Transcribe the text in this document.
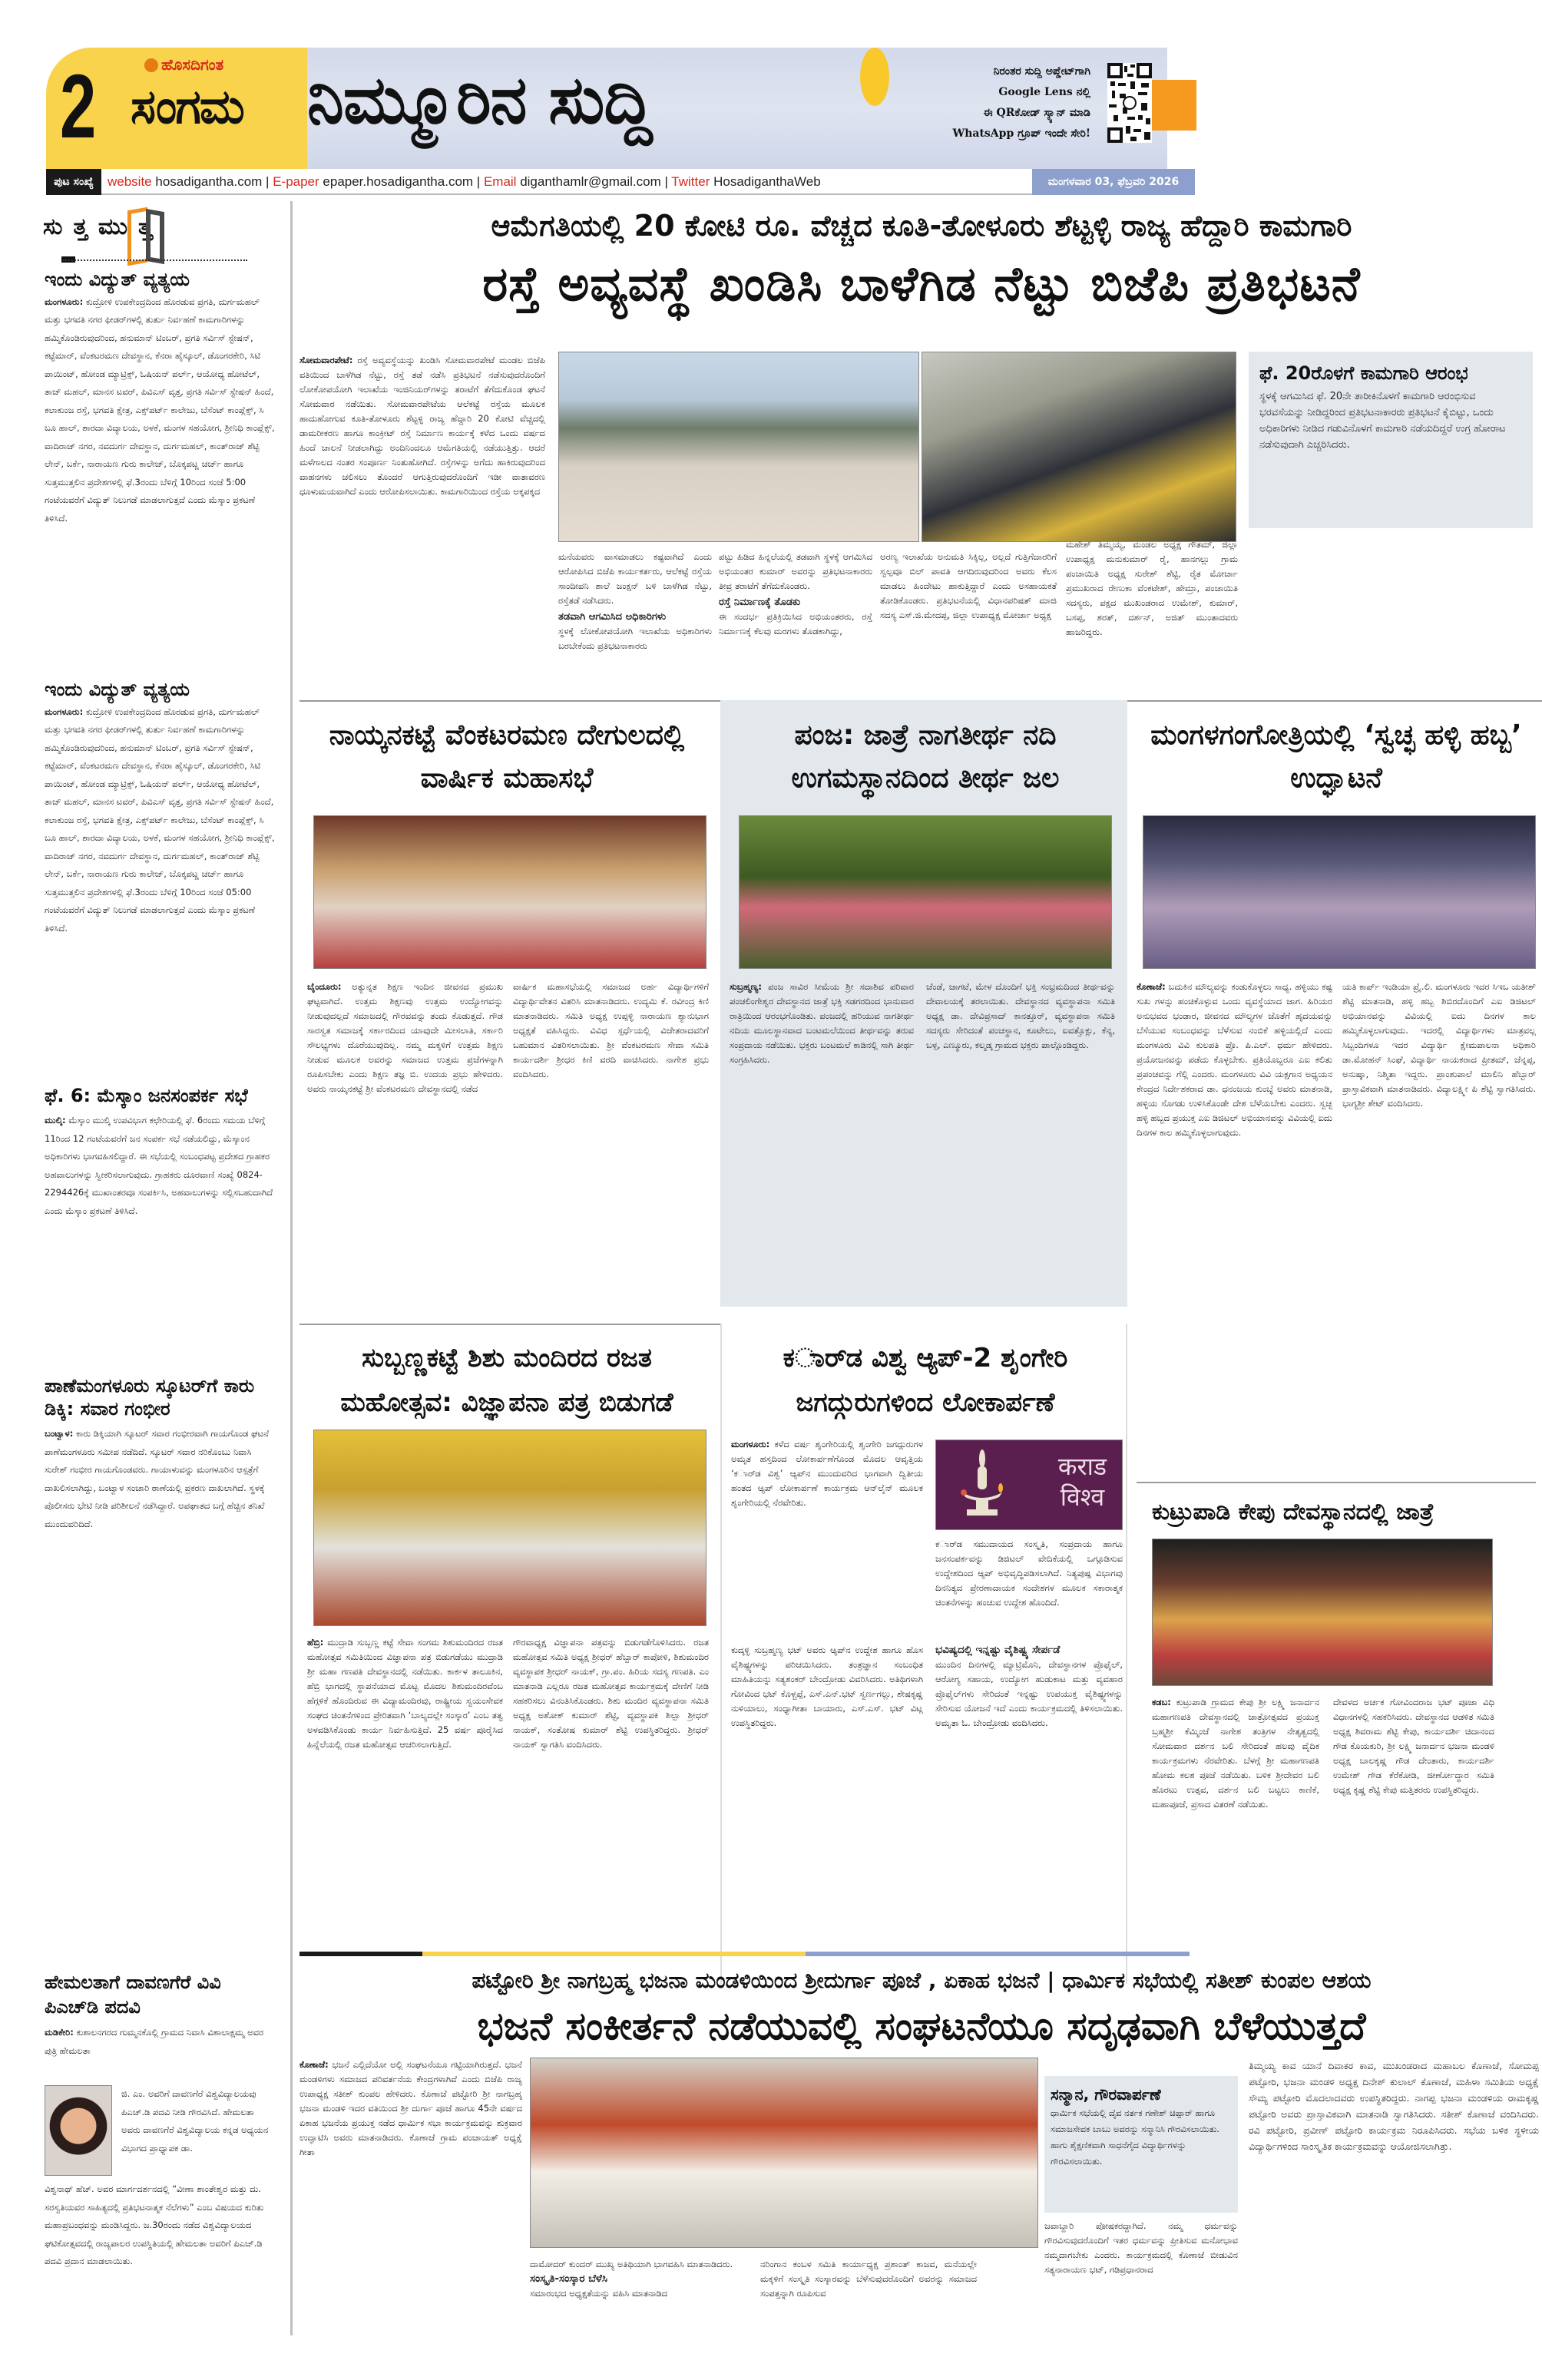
2	ಹೊಸದಿಗಂತ
ಸಂಗಮ ನಿಮ್ಮೂರಿನ ಸುದ್ದಿ	ನಿರಂತರ ಸುದ್ದಿ ಅಪ್ಡೇಟ್‌ಗಾಗಿ
Google Lens ನಲ್ಲಿ
ಈ QRಕೋಡ್ ಸ್ಕ್ಯಾನ್ ಮಾಡಿ
WhatsApp ಗ್ರೂಪ್ ಇಂದೇ ಸೇರಿ!
ಪುಟ ಸಂಖ್ಯೆ	website hosadigantha.com | E-paper epaper.hosadigantha.com | Email diganthamlr@gmail.com | Twitter HosadiganthaWeb	ಮಂಗಳವಾರ 03, ಫೆಬ್ರವರಿ 2026
ಸುತ್ತಮುತ್ತ
ಇಂದು ವಿದ್ಯುತ್ ವ್ಯತ್ಯಯ
ಮಂಗಳೂರು: ಕುದ್ರೋಳಿ ಉಪಕೇಂದ್ರದಿಂದ ಹೊರಡುವ ಪ್ರಗತಿ, ದುರ್ಗಮಹಲ್ ಮತ್ತು ಭಗವತಿ ನಗರ ಫೀಡರ್‌ಗಳಲ್ಲಿ ತುರ್ತು ನಿರ್ವಹಣೆ ಕಾಮಗಾರಿಗಳನ್ನು ಹಮ್ಮಿಕೊಂಡಿರುವುದರಿಂದ, ಹನುಮಾನ್ ಟಿಂಬರ್, ಪ್ರಗತಿ ಸರ್ವಿಸ್ ಸ್ಟೇಷನ್, ಕಟ್ಟೆಮಾರ್, ವೆಂಕಟರಮಣ ದೇವಸ್ಥಾನ, ಕೆನರಾ ಹೈಸ್ಕೂಲ್, ಡೊಂಗರಕೇರಿ, ಸಿಟಿ ಪಾಯಿಂಟ್, ಹೋಂಡ ಮ್ಯಾಟ್ರಿಕ್ಸ್, ಓಷಿಯನ್ ಪರ್ಲ್, ಆಯೋಧ್ಯ ಹೋಟೆಲ್, ತಾಜ್ ಮಹಲ್, ಮಾನಸ ಟವರ್, ಪಿವಿಎಸ್ ವೃತ್ತ, ಪ್ರಗತಿ ಸರ್ವಿಸ್ ಸ್ಟೇಷನ್ ಹಿಂದೆ, ಕಲಾಕುಂಜ ರಸ್ತೆ, ಭಗವತಿ ಕ್ಷೇತ್ರ, ಎಕ್ಸ್‌ಪರ್ಟ್ ಕಾಲೇಜು, ಬೆಸೆಂಟ್ ಕಾಂಪ್ಲೆಕ್ಸ್, ಸಿ ಬೂ ಹಾಲ್, ಶಾರದಾ ವಿದ್ಯಾಲಯ, ಅಳಕೆ, ಮಂಗಳ ಸಹಯೋಗ, ಶ್ರೀನಿಧಿ ಕಾಂಪ್ಲೆಕ್ಸ್, ವಾದಿರಾಜ್ ನಗರ, ನವದುರ್ಗ ದೇವಸ್ಥಾನ, ದುರ್ಗಮಹಲ್, ಕಾಂತ್‌ರಾಜ್ ಶೆಟ್ಟಿ ಲೇನ್, ಬರ್ಕೆ, ನಾರಾಯಣ ಗುರು ಕಾಲೇಜ್, ಬೊಕ್ಕಪಟ್ಣ ಚರ್ಚ್ ಹಾಗೂ ಸುತ್ತಮುತ್ತಲಿನ ಪ್ರದೇಶಗಳಲ್ಲಿ ಫೆ.3ರಂದು ಬೆಳಿಗ್ಗೆ 10ರಿಂದ ಸಂಜೆ 5:00 ಗಂಟೆಯವರೆಗೆ ವಿದ್ಯುತ್ ನಿಲುಗಡೆ ಮಾಡಲಾಗುತ್ತದೆ ಎಂದು ಮೆಸ್ಕಾಂ ಪ್ರಕಟಣೆ ತಿಳಿಸಿದೆ.
ಇಂದು ವಿದ್ಯುತ್ ವ್ಯತ್ಯಯ
ಮಂಗಳೂರು: ಕುದ್ರೋಳಿ ಉಪಕೇಂದ್ರದಿಂದ ಹೊರಡುವ ಪ್ರಗತಿ, ದುರ್ಗಮಹಲ್ ಮತ್ತು ಭಗವತಿ ನಗರ ಫೀಡರ್‌ಗಳಲ್ಲಿ ತುರ್ತು ನಿರ್ವಹಣೆ ಕಾಮಗಾರಿಗಳನ್ನು ಹಮ್ಮಿಕೊಂಡಿರುವುದರಿಂದ, ಹನುಮಾನ್ ಟಿಂಬರ್, ಪ್ರಗತಿ ಸರ್ವಿಸ್ ಸ್ಟೇಷನ್, ಕಟ್ಟೆಮಾರ್, ವೆಂಕಟರಮಣ ದೇವಸ್ಥಾನ, ಕೆನರಾ ಹೈಸ್ಕೂಲ್, ಡೊಂಗರಕೇರಿ, ಸಿಟಿ ಪಾಯಿಂಟ್, ಹೋಂಡ ಮ್ಯಾಟ್ರಿಕ್ಸ್, ಓಷಿಯನ್ ಪರ್ಲ್, ಆಯೋಧ್ಯ ಹೋಟೆಲ್, ತಾಜ್ ಮಹಲ್, ಮಾನಸ ಟವರ್, ಪಿವಿಎಸ್ ವೃತ್ತ, ಪ್ರಗತಿ ಸರ್ವಿಸ್ ಸ್ಟೇಷನ್ ಹಿಂದೆ, ಕಲಾಕುಂಜ ರಸ್ತೆ, ಭಗವತಿ ಕ್ಷೇತ್ರ, ಎಕ್ಸ್‌ಪರ್ಟ್ ಕಾಲೇಜು, ಬೆಸೆಂಟ್ ಕಾಂಪ್ಲೆಕ್ಸ್, ಸಿ ಬೂ ಹಾಲ್, ಶಾರದಾ ವಿದ್ಯಾಲಯ, ಅಳಕೆ, ಮಂಗಳ ಸಹಯೋಗ, ಶ್ರೀನಿಧಿ ಕಾಂಪ್ಲೆಕ್ಸ್, ವಾದಿರಾಜ್ ನಗರ, ನವದುರ್ಗ ದೇವಸ್ಥಾನ, ದುರ್ಗಮಹಲ್, ಕಾಂತ್‌ರಾಜ್ ಶೆಟ್ಟಿ ಲೇನ್, ಬರ್ಕೆ, ನಾರಾಯಣ ಗುರು ಕಾಲೇಜ್, ಬೊಕ್ಕಪಟ್ಣ ಚರ್ಚ್ ಹಾಗೂ ಸುತ್ತಮುತ್ತಲಿನ ಪ್ರದೇಶಗಳಲ್ಲಿ ಫೆ.3ರಂದು ಬೆಳಿಗ್ಗೆ 10ರಿಂದ ಸಂಜೆ 05:00 ಗಂಟೆಯವರೆಗೆ ವಿದ್ಯುತ್ ನಿಲುಗಡೆ ಮಾಡಲಾಗುತ್ತದೆ ಎಂದು ಮೆಸ್ಕಾಂ ಪ್ರಕಟಣೆ ತಿಳಿಸಿದೆ.
ಫೆ. 6: ಮೆಸ್ಕಾಂ ಜನಸಂಪರ್ಕ ಸಭೆ
ಮುಲ್ಕಿ: ಮೆಸ್ಕಾಂ ಮುಲ್ಕಿ ಉಪವಿಭಾಗ ಕಛೇರಿಯಲ್ಲಿ ಫೆ. 6ರಂದು ಸಮಯ ಬೆಳಿಗ್ಗೆ 11ರಿಂದ 12 ಗಂಟೆಯವರೆಗೆ ಜನ ಸಂಪರ್ಕ ಸಭೆ ನಡೆಯಲಿದ್ದು, ಮೆಸ್ಕಾಂನ ಅಧಿಕಾರಿಗಳು ಭಾಗವಹಿಸಲಿದ್ದಾರೆ. ಈ ಸಭೆಯಲ್ಲಿ ಸಂಬಂಧಪಟ್ಟ ಪ್ರದೇಶದ ಗ್ರಾಹಕರ ಅಹವಾಲುಗಳನ್ನು ಸ್ವೀಕರಿಸಲಾಗುವುದು. ಗ್ರಾಹಕರು ದೂರವಾಣಿ ಸಂಖ್ಯೆ 0824-2294426ಕ್ಕೆ ಮುಖಾಂತರವೂ ಸಂಪರ್ಕಿಸಿ, ಅಹವಾಲುಗಳನ್ನು ಸಲ್ಲಿಸಬಹುದಾಗಿದೆ ಎಂದು ಮೆಸ್ಕಾಂ ಪ್ರಕಟಣೆ ತಿಳಿಸಿದೆ.
ಪಾಣೆಮಂಗಳೂರು ಸ್ಕೂಟರ್‌ಗೆ ಕಾರು ಡಿಕ್ಕಿ: ಸವಾರ ಗಂಭೀರ
ಬಂಟ್ವಾಳ: ಕಾರು ಡಿಕ್ಕಿಯಾಗಿ ಸ್ಕೂಟರ್ ಸವಾರ ಗಂಭೀರವಾಗಿ ಗಾಯಗೊಂಡ ಘಟನೆ ಪಾಣೆಮಂಗಳೂರು ಸಮೀಪ ನಡೆದಿದೆ. ಸ್ಕೂಟರ್ ಸವಾರ ನರಿಕೊಂಬು ನಿವಾಸಿ ಸುರೇಶ್ ಗಂಭೀರ ಗಾಯಗೊಂಡವರು. ಗಾಯಾಳುವನ್ನು ಮಂಗಳೂರಿನ ಆಸ್ಪತ್ರೆಗೆ ದಾಖಲಿಸಲಾಗಿದ್ದು, ಬಂಟ್ವಾಳ ಸಂಚಾರಿ ಠಾಣೆಯಲ್ಲಿ ಪ್ರಕರಣ ದಾಖಲಾಗಿದೆ. ಸ್ಥಳಕ್ಕೆ ಪೊಲೀಸರು ಭೇಟಿ ನೀಡಿ ಪರಿಶೀಲನೆ ನಡೆಸಿದ್ದಾರೆ. ಅಪಘಾತದ ಬಗ್ಗೆ ಹೆಚ್ಚಿನ ತನಿಖೆ ಮುಂದುವರಿದಿದೆ.
ಹೇಮಲತಾಗೆ ದಾವಣಗೆರೆ ವಿವಿ ಪಿಎಚ್‌ಡಿ ಪದವಿ
ಮಡಿಕೇರಿ: ಕುಶಾಲನಗರದ ಗುಮ್ಮನಕೊಲ್ಲಿ ಗ್ರಾಮದ ನಿವಾಸಿ ವಿಶಾಲಾಕ್ಷಮ್ಮ ಅವರ ಪುತ್ರಿ ಹೇಮಲತಾ
ಜಿ. ಎಂ. ಅವರಿಗೆ ದಾವಣಗೆರೆ ವಿಶ್ವವಿದ್ಯಾಲಯವು ಪಿಎಚ್.ಡಿ ಪದವಿ ನೀಡಿ ಗೌರವಿಸಿದೆ. ಹೇಮಲತಾ ಅವರು ದಾವಣಗೆರೆ ವಿಶ್ವವಿದ್ಯಾಲಯ ಕನ್ನಡ ಅಧ್ಯಯನ ವಿಭಾಗದ ಪ್ರಾಧ್ಯಾಪಕ ಡಾ.
ವಿಶ್ವನಾಥ್ ಹೆಚ್. ಅವರ ಮಾರ್ಗದರ್ಶನದಲ್ಲಿ “ವೀಣಾ ಶಾಂತೇಶ್ವರ ಮತ್ತು ದು. ಸರಸ್ವತಿಯವರ ಸಾಹಿತ್ಯದಲ್ಲಿ ಪ್ರತಿಭಟನಾತ್ಮಕ ನೆಲೆಗಳು” ಎಂಬ ವಿಷಯದ ಕುರಿತು ಮಹಾಪ್ರಬಂಧವನ್ನು ಮಂಡಿಸಿದ್ದರು. ಜ.30ರಂದು ನಡೆದ ವಿಶ್ವವಿದ್ಯಾಲಯದ ಘಟಿಕೋತ್ಸವದಲ್ಲಿ ರಾಜ್ಯಪಾಲರ ಉಪಸ್ಥಿತಿಯಲ್ಲಿ ಹೇಮಲತಾ ಅವರಿಗೆ ಪಿಎಚ್.ಡಿ ಪದವಿ ಪ್ರದಾನ ಮಾಡಲಾಯಿತು.
ಆಮೆಗತಿಯಲ್ಲಿ 20 ಕೋಟಿ ರೂ. ವೆಚ್ಚದ ಕೂತಿ-ತೋಳೂರು ಶೆಟ್ಟಳ್ಳಿ ರಾಜ್ಯ ಹೆದ್ದಾರಿ ಕಾಮಗಾರಿ
ರಸ್ತೆ ಅವ್ಯವಸ್ಥೆ ಖಂಡಿಸಿ ಬಾಳೆಗಿಡ ನೆಟ್ಟು ಬಿಜೆಪಿ ಪ್ರತಿಭಟನೆ
ಸೋಮವಾರಪೇಟೆ: ರಸ್ತೆ ಅವ್ಯವಸ್ಥೆಯನ್ನು ಖಂಡಿಸಿ ಸೋಮವಾರಪೇಟೆ ಮಂಡಲ ಬಿಜೆಪಿ ವತಿಯಿಂದ ಬಾಳೆಗಿಡ ನೆಟ್ಟು, ರಸ್ತೆ ತಡೆ ನಡೆಸಿ ಪ್ರತಿಭಟನೆ ನಡೆಸುವುದರೊಂದಿಗೆ ಲೋಕೋಪಯೋಗಿ ಇಲಾಖೆಯ ಇಂಜಿನಿಯರ್‌ಗಳನ್ನು ತರಾಟೆಗೆ ತೆಗೆದುಕೊಂಡ ಘಟನೆ ಸೋಮವಾರ ನಡೆಯಿತು. ಸೋಮವಾರಪೇಟೆಯ ಆಲೆಕಟ್ಟೆ ರಸ್ತೆಯ ಮೂಲಕ ಹಾದುಹೋಗುವ ಕೂತಿ-ತೋಳೂರು ಶೆಟ್ಟಳ್ಳಿ ರಾಜ್ಯ ಹೆದ್ದಾರಿ 20 ಕೋಟಿ ವೆಚ್ಚದಲ್ಲಿ ಡಾಮರೀಕರಣ ಹಾಗೂ ಕಾಂಕ್ರೀಟ್ ರಸ್ತೆ ನಿರ್ಮಾಣ ಕಾರ್ಯಕ್ಕೆ ಕಳೆದ ಒಂದು ವರ್ಷದ ಹಿಂದೆ ಚಾಲನೆ ನೀಡಲಾಗಿದ್ದು ಅಂದಿನಿಂದಲೂ ಆಮೆಗತಿಯಲ್ಲಿ ನಡೆಯುತ್ತಿತ್ತು. ಆದರೆ ಮಳೆಗಾಲದ ನಂತರ ಸಂಪೂರ್ಣ ನಿಂತುಹೋಗಿದೆ. ರಸ್ತೆಗಳನ್ನು ಅಗೆದು ಹಾಕಿರುವುದರಿಂದ ವಾಹನಗಳು ಚಲಿಸಲು ತೊಂದರೆ ಆಗುತ್ತಿರುವುದರೊಂದಿಗೆ ಇಡೀ ವಾತಾವರಣ ಧೂಳುಮಯವಾಗಿದೆ ಎಂದು ಆರೋಪಿಸಲಾಯಿತು. ಕಾಮಗಾರಿಯಿಂದ ರಸ್ತೆಯ ಅಕ್ಕಪಕ್ಕದ
ಮನೆಯವರು ವಾಸಮಾಡಲು ಕಷ್ಟವಾಗಿದೆ ಎಂದು ಆರೋಪಿಸಿದ ಬಿಜೆಪಿ ಕಾರ್ಯಕರ್ತರು, ಆಲೆಕಟ್ಟೆ ರಸ್ತೆಯ ಸಾಂದೀಪನಿ ಶಾಲೆ ಜಂಕ್ಷನ್ ಬಳಿ ಬಾಳೆಗಿಡ ನೆಟ್ಟು, ರಸ್ತೆತಡೆ ನಡೆಸಿದರು.
ತಡವಾಗಿ ಆಗಮಿಸಿದ ಅಧಿಕಾರಿಗಳು
ಸ್ಥಳಕ್ಕೆ ಲೋಕೋಪಯೋಗಿ ಇಲಾಖೆಯ ಅಧಿಕಾರಿಗಳು ಬರಬೇಕೆಂದು ಪ್ರತಿಭಟನಾಕಾರರು
ಪಟ್ಟು ಹಿಡಿದ ಹಿನ್ನಲೆಯಲ್ಲಿ ತಡವಾಗಿ ಸ್ಥಳಕ್ಕೆ ಆಗಮಿಸಿದ ಅಭಿಯಂತರ ಕುಮಾರ್ ಅವರನ್ನು ಪ್ರತಿಭಟನಾಕಾರರು ತೀವ್ರ ತರಾಟೆಗೆ ತೆಗೆದುಕೊಂಡರು.
ರಸ್ತೆ ನಿರ್ಮಾಣಕ್ಕೆ ತೊಡಕು
ಈ ಸಂದರ್ಭ ಪ್ರತಿಕ್ರಿಯಿಸಿದ ಅಭಿಯಂತರರು, ರಸ್ತೆ ನಿರ್ಮಾಣಕ್ಕೆ ಕೆಲವು ಮರಗಳು ತೊಡಕಾಗಿದ್ದು,
ಅರಣ್ಯ ಇಲಾಖೆಯ ಅನುಮತಿ ಸಿಕ್ಕಿಲ್ಲ, ಅಲ್ಲದೆ ಗುತ್ತಿಗೆದಾರರಿಗೆ ಸ್ವಲ್ಪವೂ ಬಿಲ್ ಪಾವತಿ ಆಗದಿರುವುದರಿಂದ ಅವರು ಕೆಲಸ ಮಾಡಲು ಹಿಂದೇಟು ಹಾಕುತ್ತಿದ್ದಾರೆ ಎಂದು ಅಸಹಾಯಕತೆ ತೋಡಿಕೊಂಡರು. ಪ್ರತಿಭಟನೆಯಲ್ಲಿ ವಿಧಾನಪರಿಷತ್ ಮಾಜಿ ಸದಸ್ಯ ಎಸ್.ಜಿ.ಮೇದಪ್ಪ, ಜಿಲ್ಲಾ ಉಪಾಧ್ಯಕ್ಷ ಮೋರ್ಚಾ ಅಧ್ಯಕ್ಷ
ಮಹೇಶ್ ತಿಮ್ಮಯ್ಯ, ಮಂಡಲ ಅಧ್ಯಕ್ಷ ಗೌತಮ್, ಜಿಲ್ಲಾ ಉಪಾಧ್ಯಕ್ಷ ಮನುಕುಮಾರ್ ರೈ, ಹಾನಗಲ್ಲು ಗ್ರಾಮ ಪಂಚಾಯಿತಿ ಅಧ್ಯಕ್ಷ ಸುರೇಶ್ ಶೆಟ್ಟಿ, ರೈತ ಮೋರ್ಚಾ ಪ್ರಮುಖರಾದ ರೇಣುಕಾ ವೆಂಕಟೇಶ್, ಹೇಮ್ರಾ, ಪಂಚಾಯಿತಿ ಸದಸ್ಯರು, ಪಕ್ಷದ ಮುಖಂಡರಾದ ಉಮೇಶ್, ಕುಮಾರ್, ಬಸಪ್ಪ, ಶರತ್, ದರ್ಶನ್, ಅಜಿತ್ ಮುಂತಾದವರು ಹಾಜರಿದ್ದರು.
ಫೆ. 20ರೊಳಗೆ ಕಾಮಗಾರಿ ಆರಂಭ
ಸ್ಥಳಕ್ಕೆ ಆಗಮಿಸಿದ ಫೆ. 20ನೇ ತಾರೀಕಿನೊಳಗೆ ಕಾಮಗಾರಿ ಆರಂಭಿಸುವ ಭರವಸೆಯನ್ನು ನೀಡಿದ್ದರಿಂದ ಪ್ರತಿಭಟನಾಕಾರರು ಪ್ರತಿಭಟನೆ ಕೈಬಿಟ್ಟು, ಒಂದು ಅಧಿಕಾರಿಗಳು ನೀಡಿದ ಗಡುವಿನೊಳಗೆ ಕಾಮಗಾರಿ ನಡೆಯದಿದ್ದರೆ ಉಗ್ರ ಹೋರಾಟ ನಡೆಸುವುದಾಗಿ ಎಚ್ಚರಿಸಿದರು.
ನಾಯ್ಕನಕಟ್ಟೆ ವೆಂಕಟರಮಣ ದೇಗುಲದಲ್ಲಿ ವಾರ್ಷಿಕ ಮಹಾಸಭೆ
ಬೈಂದೂರು: ಅತ್ಯುನ್ನತ ಶಿಕ್ಷಣ ಇಂದಿನ ಜೀವನದ ಪ್ರಮುಖ ಘಟ್ಟವಾಗಿದೆ. ಉತ್ತಮ ಶಿಕ್ಷಣವು ಉತ್ತಮ ಉದ್ಯೋಗವನ್ನು ನೀಡುವುದಲ್ಲದೆ ಸಮಾಜದಲ್ಲಿ ಗೌರವವನ್ನು ತಂದು ಕೊಡುತ್ತದೆ. ಗೌಡ ಸಾರಸ್ವತ ಸಮಾಜಕ್ಕೆ ಸರ್ಕಾರದಿಂದ ಯಾವುದೇ ಮೀಸಲಾತಿ, ಸರ್ಕಾರಿ ಸೌಲಭ್ಯಗಳು ದೊರೆಯುವುದಿಲ್ಲ. ನಮ್ಮ ಮಕ್ಕಳಿಗೆ ಉತ್ತಮ ಶಿಕ್ಷಣ ನೀಡುವ ಮೂಲಕ ಅವರನ್ನು ಸಮಾಜದ ಉತ್ತಮ ಪ್ರಜೆಗಳನ್ನಾಗಿ ರೂಪಿಸಬೇಕು ಎಂದು ಶಿಕ್ಷಣ ತಜ್ಞ ಬಿ. ಉದಯ ಪ್ರಭು ಹೇಳಿದರು. ಅವರು ನಾಯ್ಕನಕಟ್ಟೆ ಶ್ರೀ ವೆಂಕಟರಮಣ ದೇವಸ್ಥಾನದಲ್ಲಿ ನಡೆದ
ವಾರ್ಷಿಕ ಮಹಾಸಭೆಯಲ್ಲಿ ಸಮಾಜದ ಅರ್ಹ ವಿದ್ಯಾರ್ಥಿಗಳಿಗೆ ವಿದ್ಯಾರ್ಥಿವೇತನ ವಿತರಿಸಿ ಮಾತನಾಡಿದರು. ಉದ್ಯಮಿ ಕೆ. ರವೀಂದ್ರ ಕಿಣಿ ಮಾತನಾಡಿದರು. ಸಮಿತಿ ಅಧ್ಯಕ್ಷ ಉಪ್ಪಳ್ಳಿ ನಾರಾಯಣ ಶ್ಯಾನುಭಾಗ ಅಧ್ಯಕ್ಷತೆ ವಹಿಸಿದ್ದರು. ವಿವಿಧ ಸ್ಪರ್ಧೆಯಲ್ಲಿ ವಿಜೇತರಾದವರಿಗೆ ಬಹುಮಾನ ವಿತರಿಸಲಾಯಿತು. ಶ್ರೀ ವೆಂಕಟರಮಣ ಸೇವಾ ಸಮಿತಿ ಕಾರ್ಯದರ್ಶಿ ಶ್ರೀಧರ ಕಿಣಿ ವರದಿ ವಾಚಿಸಿದರು. ನಾಗೇಶ ಪ್ರಭು ವಂದಿಸಿದರು.
ಪಂಜ: ಜಾತ್ರೆ ನಾಗತೀರ್ಥ ನದಿ ಉಗಮಸ್ಥಾನದಿಂದ ತೀರ್ಥ ಜಲ
ಸುಬ್ರಹ್ಮಣ್ಯ: ಪಂಜ ಸಾವಿರ ಸೀಮೆಯ ಶ್ರೀ ಸದಾಶಿವ ಪರಿವಾರ ಪಂಚಲಿಂಗೇಶ್ವರ ದೇವಸ್ಥಾನದ ಜಾತ್ರೆ ಭಕ್ತಿ ಸಡಗರದಿಂದ ಭಾನುವಾರ ರಾತ್ರಿಯಿಂದ ಆರಂಭಗೊಂಡಿತು. ಪಂಜದಲ್ಲಿ ಹರಿಯುವ ನಾಗತೀರ್ಥ ನದಿಯ ಮೂಲಸ್ಥಾನವಾದ ಬಂಟಮಲೆಯಿಂದ ತೀರ್ಥವನ್ನು ತರುವ ಸಂಪ್ರದಾಯ ನಡೆಯಿತು. ಭಕ್ತರು ಬಂಟಮಲೆ ಕಾಡಿನಲ್ಲಿ ಸಾಗಿ ತೀರ್ಥ ಸಂಗ್ರಹಿಸಿದರು.
ಚೆಂಡೆ, ಜಾಗಟೆ, ಮೇಳ ದೊಂದಿಗೆ ಭಕ್ತಿ ಸಂಭ್ರಮದಿಂದ ತೀರ್ಥವನ್ನು ದೇವಾಲಯಕ್ಕೆ ತರಲಾಯಿತು. ದೇವಸ್ಥಾನದ ವ್ಯವಸ್ಥಾಪನಾ ಸಮಿತಿ ಅಧ್ಯಕ್ಷ ಡಾ. ದೇವಿಪ್ರಸಾದ್ ಕಾನತ್ತೂರ್, ವ್ಯವಸ್ಥಾಪನಾ ಸಮಿತಿ ಸದಸ್ಯರು ಸೇರಿದಂತೆ ಪಂಚಸ್ಥಾನ, ಕೂಟೇಲು, ಐವತ್ತೊಕ್ಲು, ಕೆನ್ಯ, ಬಳ್ಪ, ಎಣ್ಮೂರು, ಕಲ್ಮಡ್ಕ ಗ್ರಾಮದ ಭಕ್ತರು ಪಾಲ್ಗೊಂಡಿದ್ದರು.
ಮಂಗಳಗಂಗೋತ್ರಿಯಲ್ಲಿ ‘ಸ್ವಚ್ಛ ಹಳ್ಳಿ ಹಬ್ಬ’ ಉದ್ಘಾಟನೆ
ಕೊಣಾಜೆ: ಬದುಕಿನ ಮೌಲ್ಯವನ್ನು ಕಂಡುಕೊಳ್ಳಲು ಸಾಧ್ಯ. ಹಳ್ಳಿಯು ಕಷ್ಟ ಸುಖ ಗಳನ್ನು ಹಂಚಿಕೊಳ್ಳುವ ಒಂದು ವ್ಯವಸ್ಥೆಯಾದ ಜಾಗ. ಹಿರಿಯರ ಅನುಭವದ ಭಂಡಾರ, ಜೀವನದ ಮೌಲ್ಯಗಳ ಜೊತೆಗೆ ಹೃದಯವನ್ನು ಬೆಸೆಯುವ ಸಂಬಂಧವನ್ನು ಬೆಳೆಸುವ ನಂಬಿಕೆ ಹಳ್ಳಿಯಲ್ಲಿದೆ ಎಂದು ಮಂಗಳೂರು ವಿವಿ ಕುಲಪತಿ ಪ್ರೊ. ಪಿ.ಎಲ್. ಧರ್ಮ ಹೇಳಿದರು. ಪ್ರಯೋಜನವನ್ನು ಪಡೆದು ಕೊಳ್ಳಬೇಕು. ಪ್ರತಿಯೊಬ್ಬರೂ ಎಐ ಕಲಿತು ಪ್ರಪಂಚವನ್ನು ಗೆಲ್ಲಿ ಎಂದರು. ಮಂಗಳೂರು ವಿವಿ ಯಕ್ಷಗಾನ ಅಧ್ಯಯನ ಕೇಂದ್ರದ ನಿರ್ದೇಶಕರಾದ ಡಾ. ಧನಂಜಯ ಕುಂಬ್ಳೆ ಅವರು ಮಾತನಾಡಿ, ಹಳ್ಳಿಯ ಸೊಗಡು ಉಳಿಸಿಕೊಂಡೇ ದೇಶ ಬೆಳೆಯಬೇಕು ಎಂದರು. ಸ್ವಚ್ಛ ಹಳ್ಳಿ ಹಬ್ಬದ ಪ್ರಯುಕ್ತ ಎಐ ಡಿಜಿಟಲ್ ಅಭಿಯಾನವನ್ನು ವಿವಿಯಲ್ಲಿ ಐದು ದಿನಗಳ ಕಾಲ ಹಮ್ಮಿಕೊಳ್ಳಲಾಗುವುದು.
ಯತಿ ಕಾರ್ಪ್ ಇಂಡಿಯಾ ಪ್ರೈ.ಲಿ. ಮಂಗಳೂರು ಇದರ ಸಿಇಒ ಯತೀಶ್ ಶೆಟ್ಟಿ ಮಾತನಾಡಿ, ಹಳ್ಳಿ ಹಬ್ಬ ಶಿಬಿರದೊಂದಿಗೆ ಎಐ ಡಿಜಿಟಲ್ ಅಭಿಯಾನವನ್ನು ವಿವಿಯಲ್ಲಿ ಐದು ದಿನಗಳ ಕಾಲ ಹಮ್ಮಿಕೊಳ್ಳಲಾಗುವುದು. ಇದರಲ್ಲಿ ವಿದ್ಯಾರ್ಥಿಗಳು ಮಾತ್ರವಲ್ಲ ಸಿಬ್ಬಂದಿಗಳೂ ಇದರ ವಿದ್ಯಾರ್ಥಿ ಕ್ಷೇಮಪಾಲನಾ ಅಧಿಕಾರಿ ಡಾ.ಮೋಹನ್ ಸಿಂಘೆ, ವಿದ್ಯಾರ್ಥಿ ನಾಯಕರಾದ ಪ್ರೀತಮ್, ಚೆನ್ನಪ್ಪ, ಅನುಷ್ಕಾ, ನಿಶ್ಮಿತಾ ಇದ್ದರು. ಪ್ರಾಂಶುಪಾಲೆ ಮಾಲಿನಿ ಹೆಬ್ಬಾರ್ ಪ್ರಾಸ್ತಾವಿಕವಾಗಿ ಮಾತನಾಡಿದರು. ವಿದ್ಯಾಲಕ್ಷ್ಮೀ ಪಿ ಶೆಟ್ಟಿ ಸ್ವಾಗತಿಸಿದರು. ಭಾಗ್ಯಶ್ರೀ ಶೇಟ್ ವಂದಿಸಿದರು.
ಸುಬ್ಬಣ್ಣಕಟ್ಟೆ ಶಿಶು ಮಂದಿರದ ರಜತ ಮಹೋತ್ಸವ: ವಿಜ್ಞಾಪನಾ ಪತ್ರ ಬಿಡುಗಡೆ
ಹೆಬ್ರಿ: ಮುದ್ರಾಡಿ ಸುಬ್ಬಣ್ಣ ಕಟ್ಟೆ ಸೇವಾ ಸಂಗಮ ಶಿಶುಮಂದಿರದ ರಜತ ಮಹೋತ್ಸವ ಸಮಿತಿಯಿಂದ ವಿಜ್ಞಾಪನಾ ಪತ್ರ ಬಿಡುಗಡೆಯು ಮುದ್ರಾಡಿ ಶ್ರೀ ಮಹಾ ಗಣಪತಿ ದೇವಸ್ಥಾನದಲ್ಲಿ ನಡೆಯಿತು. ಕಾರ್ಕಳ ತಾಲೂಕಿನ, ಹೆಬ್ರಿ ಭಾಗದಲ್ಲಿ ಸ್ಥಾಪನೆಯಾದ ಮೊಟ್ಟ ಮೊದಲ ಶಿಶುಮಂದಿರವೆಂಬ ಹೆಗ್ಗಳಿಕೆ ಹೊಂದಿರುವ ಈ ವಿದ್ಯಾಮಂದಿರವು, ರಾಷ್ಟ್ರೀಯ ಸ್ವಯಂಸೇವಕ ಸಂಘದ ಚಿಂತನೆಗಳಿಂದ ಪ್ರೇರಿತವಾಗಿ ‘ಬಾಲ್ಯದಲ್ಲೇ ಸಂಸ್ಕಾರ’ ಎಂಬ ತತ್ವ ಅಳವಡಿಸಿಕೊಂಡು ಕಾರ್ಯ ನಿರ್ವಹಿಸುತ್ತಿದೆ. 25 ವರ್ಷ ಪೂರೈಸಿದ ಹಿನ್ನೆಲೆಯಲ್ಲಿ ರಜತ ಮಹೋತ್ಸವ ಆಚರಿಸಲಾಗುತ್ತಿದೆ.
ಗೌರವಾಧ್ಯಕ್ಷ ವಿಜ್ಞಾಪನಾ ಪತ್ರವನ್ನು ಬಿಡುಗಡೆಗೊಳಿಸಿದರು. ರಜತ ಮಹೋತ್ಸವ ಸಮಿತಿ ಅಧ್ಯಕ್ಷ ಶ್ರೀಧರ್ ಹೆಬ್ಬಾರ್ ಕಾಪೋಳಿ, ಶಿಶುಮಂದಿರ ವ್ಯವಸ್ಥಾಪಕ ಶ್ರೀಧರ್ ನಾಯಕ್, ಗ್ರಾ.ಪಂ. ಹಿರಿಯ ಸದಸ್ಯ ಗಣಪತಿ. ಎಂ ಮಾತನಾಡಿ ಎಲ್ಲರೂ ರಜತ ಮಹೋತ್ಸವ ಕಾರ್ಯಕ್ರಮಕ್ಕೆ ದೇಣಿಗೆ ನೀಡಿ ಸಹಕರಿಸಲು ವಿನಂತಿಸಿಕೊಂಡರು. ಶಿಶು ಮಂದಿರ ವ್ಯವಸ್ಥಾಪನಾ ಸಮಿತಿ ಅಧ್ಯಕ್ಷ ಅಶೋಕ್ ಕುಮಾರ್ ಶೆಟ್ಟಿ, ವ್ಯವಸ್ಥಾಪಕಿ ಶಿಲ್ಪಾ ಶ್ರೀಧರ್ ನಾಯಕ್, ಸಂತೋಷ ಕುಮಾರ್ ಶೆಟ್ಟಿ ಉಪಸ್ಥಿತರಿದ್ದರು. ಶ್ರೀಧರ್ ನಾಯಕ್ ಸ್ವಾಗತಿಸಿ ವಂದಿಸಿದರು.
ಕರ್ಾಡ ವಿಶ್ವ ಆ್ಯಪ್-2 ಶೃಂಗೇರಿ ಜಗದ್ಗುರುಗಳಿಂದ ಲೋಕಾರ್ಪಣೆ
ಮಂಗಳೂರು: ಕಳೆದ ವರ್ಷ ಶೃಂಗೇರಿಯಲ್ಲಿ ಶೃಂಗೇರಿ ಜಗದ್ಗುರುಗಳ ಅಮೃತ ಹಸ್ತದಿಂದ ಲೋಕಾರ್ಪಣೆಗೊಂಡ ಮೊದಲ ಆವೃತ್ತಿಯ ‘ಕರ್ಾಡ ವಿಶ್ವ’ ಆ್ಯಪ್‌ನ ಮುಂದುವರಿದ ಭಾಗವಾಗಿ ದ್ವಿತೀಯ ಹಂತದ ಆ್ಯಪ್ ಲೋಕಾರ್ಪಣೆ ಕಾರ್ಯಕ್ರಮ ಆನ್‌ಲೈನ್ ಮೂಲಕ ಶೃಂಗೇರಿಯಲ್ಲಿ ನೆರವೇರಿತು.
कराड
विश्व
ಕರ್ಾಡ ಸಮುದಾಯದ ಸಂಸ್ಕೃತಿ, ಸಂಪ್ರದಾಯ ಹಾಗೂ ಜನಸಂಪರ್ಕವನ್ನು ಡಿಜಿಟಲ್ ವೇದಿಕೆಯಲ್ಲಿ ಒಗ್ಗೂಡಿಸುವ ಉದ್ದೇಶದಿಂದ ಆ್ಯಪ್ ಅಭಿವೃದ್ಧಿಪಡಿಸಲಾಗಿದೆ. ನಿತ್ಯಪುಷ್ಪ ವಿಭಾಗವು ದಿನನಿತ್ಯದ ಪ್ರೇರಣಾದಾಯಕ ಸಂದೇಶಗಳ ಮೂಲಕ ಸಕಾರಾತ್ಮಕ ಚಿಂತನೆಗಳನ್ನು ಹಂಚುವ ಉದ್ದೇಶ ಹೊಂದಿದೆ.
ಕುದ್ಕಳ್ಳಿ ಸುಬ್ರಹ್ಮಣ್ಯ ಭಟ್ ಅವರು ಆ್ಯಪ್‌ನ ಉದ್ದೇಶ ಹಾಗೂ ಹೊಸ ವೈಶಿಷ್ಟ್ಯಗಳನ್ನು ಪರಿಚಯಿಸಿದರು. ತಂತ್ರಜ್ಞಾನ ಸಂಬಂಧಿತ ಮಾಹಿತಿಯನ್ನು ಸತ್ಯಶಂಕರ್ ಬೇಂದ್ರೋಡು ವಿವರಿಸಿದರು. ಅತಿಥಿಗಳಾಗಿ ಗೋವಿಂದ ಭಟ್ ಕೊಳ್ಚಪ್ಪೆ, ಎಸ್.ಎನ್.ಭಟ್ ಸ್ವರ್ಣಗಲ್ಲು, ಶೇಷಕೃಷ್ಣ ನುಳಿಯಾಲು, ಸಂಧ್ಯಾಗೀತಾ ಬಾಯಾರು, ಎಸ್.ಎಸ್. ಭಟ್ ವಿಟ್ಲ ಉಪಸ್ಥಿತರಿದ್ದರು.
ಭವಿಷ್ಯದಲ್ಲಿ ಇನ್ನಷ್ಟು ವೈಶಿಷ್ಟ್ಯ ಸೇರ್ಪಡೆ
ಮುಂದಿನ ದಿನಗಳಲ್ಲಿ ಮ್ಯಾಟ್ರಿಮೊನಿ, ದೇವಸ್ಥಾನಗಳ ಪ್ರೊಫೈಲ್, ಆರೋಗ್ಯ ಸಹಾಯ, ಉದ್ಯೋಗ ಹುಡುಕಾಟ ಮತ್ತು ವ್ಯವಹಾರ ಪ್ರೊಫೈಲ್‌ಗಳು ಸೇರಿದಂತೆ ಇನ್ನಷ್ಟು ಉಪಯುಕ್ತ ವೈಶಿಷ್ಟ್ಯಗಳನ್ನು ಸೇರಿಸುವ ಯೋಜನೆ ಇದೆ ಎಂದು ಕಾರ್ಯಕ್ರಮದಲ್ಲಿ ತಿಳಿಸಲಾಯಿತು. ಅಮೃತಾ ಓ. ಬೇಂದ್ರೋಡು ವಂದಿಸಿದರು.
ಕುಟ್ರುಪಾಡಿ ಕೇಪು ದೇವಸ್ಥಾನದಲ್ಲಿ ಜಾತ್ರೆ
ಕಡಬ: ಕುಟ್ರುಪಾಡಿ ಗ್ರಾಮದ ಕೇಪು ಶ್ರೀ ಲಕ್ಷ್ಮಿ ಜನಾರ್ದನ ಮಹಾಗಣಪತಿ ದೇವಸ್ಥಾನದಲ್ಲಿ ಜಾತ್ರೋತ್ಸವದ ಪ್ರಯುಕ್ತ ಬ್ರಹ್ಮಶ್ರೀ ಕೆಮ್ಮಿಂಜೆ ನಾಗೇಶ ತಂತ್ರಿಗಳ ನೇತೃತ್ವದಲ್ಲಿ ಸೋಮವಾರ ದರ್ಶನ ಬಲಿ ಸೇರಿದಂತೆ ಹಲವು ವೈದಿಕ ಕಾರ್ಯಕ್ರಮಗಳು ನೆರವೇರಿತು. ಬೆಳಗ್ಗೆ ಶ್ರೀ ಮಹಾಗಣಪತಿ ಹೋಮ ಕಲಶ ಪೂಜೆ ನಡೆಯಿತು. ಬಳಿಕ ಶ್ರೀದೇವರ ಬಲಿ ಹೊರಟು ಉತ್ಸವ, ದರ್ಶನ ಬಲಿ ಬಟ್ಟಲು ಕಾಣಿಕೆ, ಮಹಾಪೂಜೆ, ಪ್ರಸಾದ ವಿತರಣೆ ನಡೆಯಿತು.
ದೇವಳದ ಅರ್ಚಕ ಗೋವಿಂದರಾಜ ಭಟ್ ಪೂಜಾ ವಿಧಿ ವಿಧಾನಗಳಲ್ಲಿ ಸಹಕರಿಸಿದರು. ದೇವಸ್ಥಾನದ ಆಡಳಿತ ಸಮಿತಿ ಅಧ್ಯಕ್ಷ ಶಿವರಾಮ ಶೆಟ್ಟಿ ಕೇಪು, ಕಾರ್ಯದರ್ಶಿ ಚಿದಾನಂದ ಗೌಡ ಕೊಯಕುರಿ, ಶ್ರೀ ಲಕ್ಷ್ಮಿ ಜನಾರ್ದನ ಭಜನಾ ಮಂಡಳಿ ಅಧ್ಯಕ್ಷ ಬಾಲಕೃಷ್ಣ ಗೌಡ ದೇಂತಾರು, ಕಾರ್ಯದರ್ಶಿ ಉಮೇಶ್ ಗೌಡ ಕೆರೆಕೋಡಿ, ಜೀರ್ಣೋದ್ಧಾರ ಸಮಿತಿ ಅಧ್ಯಕ್ಷ ಕೃಷ್ಣ ಶೆಟ್ಟಿ ಕೇಪು ಮತ್ತಿತರರು ಉಪಸ್ಥಿತರಿದ್ದರು.
ಪಟ್ಟೋರಿ ಶ್ರೀ ನಾಗಬ್ರಹ್ಮ ಭಜನಾ ಮಂಡಳಿಯಿಂದ ಶ್ರೀದುರ್ಗಾ ಪೂಜೆ , ಏಕಾಹ ಭಜನೆ | ಧಾರ್ಮಿಕ ಸಭೆಯಲ್ಲಿ ಸತೀಶ್ ಕುಂಪಲ ಆಶಯ
ಭಜನೆ ಸಂಕೀರ್ತನೆ ನಡೆಯುವಲ್ಲಿ ಸಂಘಟನೆಯೂ ಸದೃಢವಾಗಿ ಬೆಳೆಯುತ್ತದೆ
ಕೊಣಾಜೆ: ಭಜನೆ ಎಲ್ಲಿದೆಯೋ ಅಲ್ಲಿ ಸಂಘಟನೆಯೂ ಗಟ್ಟಿಯಾಗಿರುತ್ತದೆ. ಭಜನೆ ಮಂಡಳಿಗಳು ಸಮಾಜದ ಪರಿವರ್ತನೆಯ ಕೇಂದ್ರಗಳಾಗಿವೆ ಎಂದು ಬಿಜೆಪಿ ರಾಜ್ಯ ಉಪಾಧ್ಯಕ್ಷ ಸತೀಶ್ ಕುಂಪಲ ಹೇಳಿದರು. ಕೊಣಾಜೆ ಪಟ್ಟೋರಿ ಶ್ರೀ ನಾಗಬ್ರಹ್ಮ ಭಜನಾ ಮಂಡಳಿ ಇದರ ವತಿಯಿಂದ ಶ್ರೀ ದುರ್ಗಾ ಪೂಜೆ ಹಾಗೂ 45ನೇ ವರ್ಷದ ಏಕಾಹ ಭಜನೆಯ ಪ್ರಯುಕ್ತ ನಡೆದ ಧಾರ್ಮಿಕ ಸಭಾ ಕಾರ್ಯಕ್ರಮವನ್ನು ಶುಕ್ರವಾರ ಉದ್ಘಾಟಿಸಿ ಅವರು ಮಾತನಾಡಿದರು. ಕೊಣಾಜೆ ಗ್ರಾಮ ಪಂಚಾಯತ್ ಅಧ್ಯಕ್ಷೆ ಗೀತಾ
ದಾಮೋದರ್ ಕುಂದರ್ ಮುಖ್ಯ ಅತಿಥಿಯಾಗಿ ಭಾಗವಹಿಸಿ ಮಾತನಾಡಿದರು.
ಸಂಸ್ಕೃತಿ-ಸಂಸ್ಕಾರ ಬೆಳೆಸಿ
ಸಮಾರಂಭದ ಅಧ್ಯಕ್ಷತೆಯನ್ನು ವಹಿಸಿ ಮಾತನಾಡಿದ
ನರಿಂಗಾನ ಕಂಬಳ ಸಮಿತಿ ಕಾರ್ಯಾಧ್ಯಕ್ಷ ಪ್ರಶಾಂತ್ ಕಾಜವ, ಮನೆಯಲ್ಲೇ ಮಕ್ಕಳಿಗೆ ಸಂಸ್ಕೃತಿ ಸಂಸ್ಕಾರವನ್ನು ಬೆಳೆಸುವುದರೊಂದಿಗೆ ಅವರನ್ನು ಸಮಾಜದ ಸಂಪತ್ತನ್ನಾಗಿ ರೂಪಿಸುವ
ಸನ್ಮಾನ, ಗೌರವಾರ್ಪಣೆ
ಧಾರ್ಮಿಕ ಸಭೆಯಲ್ಲಿ ದೈವ ನರ್ತಕ ಗಣೇಶ್ ಚಿಪ್ಪಾರ್ ಹಾಗೂ ಸಮಾಜಸೇವಕ ಬಾಬು ಅವರನ್ನು ಸನ್ಮಾನಿಸಿ ಗೌರವಿಸಲಾಯಿತು. ಹಾಗು ಶೈಕ್ಷಣಿಕವಾಗಿ ಸಾಧನೆಗೈದ ವಿದ್ಯಾರ್ಥಿಗಳನ್ನು ಗೌರವಿಸಲಾಯಿತು.
ಜವಾಬ್ದಾರಿ ಪೋಷಕರದ್ದಾಗಿದೆ. ನಮ್ಮ ಧರ್ಮವನ್ನು ಗೌರವಿಸುವುದರೊಂದಿಗೆ ಇತರ ಧರ್ಮವನ್ನು ಪ್ರೀತಿಸುವ ಮನೋಭಾವ ನಮ್ಮದಾಗಬೇಕು ಎಂದರು. ಕಾರ್ಯಕ್ರಮದಲ್ಲಿ ಕೊಣಾಜೆ ಬೀಡುವಿನ ಸತ್ಯನಾರಾಯಣ ಭಟ್, ಗಡಿಪ್ರಧಾನರಾದ
ತಿಮ್ಮಯ್ಯ ಕಾವ ಯಾನೆ ದಿವಾಕರ ಕಾವ, ಮುಖಂಡರಾದ ಮಹಾಬಲ ಕೊಣಾಜೆ, ಸೋಮಪ್ಪ ಪಟ್ಟೋರಿ, ಭಜನಾ ಮಂಡಳಿ ಅಧ್ಯಕ್ಷ ದಿನೇಶ್ ಕುಲಾಲ್ ಕೊಣಾಜೆ, ಮಹಿಳಾ ಸಮಿತಿಯ ಅಧ್ಯಕ್ಷೆ ಸೌಮ್ಯ ಪಟ್ಟೋರಿ ಮೊದಲಾದವರು ಉಪಸ್ಥಿತರಿದ್ದರು. ನಾಗಪ್ಪ ಭಜನಾ ಮಂಡಳಿಯ ರಾಮಕೃಷ್ಣ ಪಟ್ಟೋರಿ ಅವರು ಪ್ರಾಸ್ತಾವಿಕವಾಗಿ ಮಾತನಾಡಿ ಸ್ವಾಗತಿಸಿದರು. ಸತೀಶ್ ಕೊಣಾಜೆ ವಂದಿಸಿದರು. ರವಿ ಪಟ್ಟೋರಿ, ಪ್ರವೀಣ್ ಪಟ್ಟೋರಿ ಕಾರ್ಯಕ್ರಮ ನಿರೂಪಿಸಿದರು. ಸಭೆಯ ಬಳಿಕ ಸ್ಥಳೀಯ ವಿದ್ಯಾರ್ಥಿಗಳಿಂದ ಸಾಂಸ್ಕೃತಿಕ ಕಾರ್ಯಕ್ರಮವನ್ನು ಆಯೋಜಿಸಲಾಗಿತ್ತು.
